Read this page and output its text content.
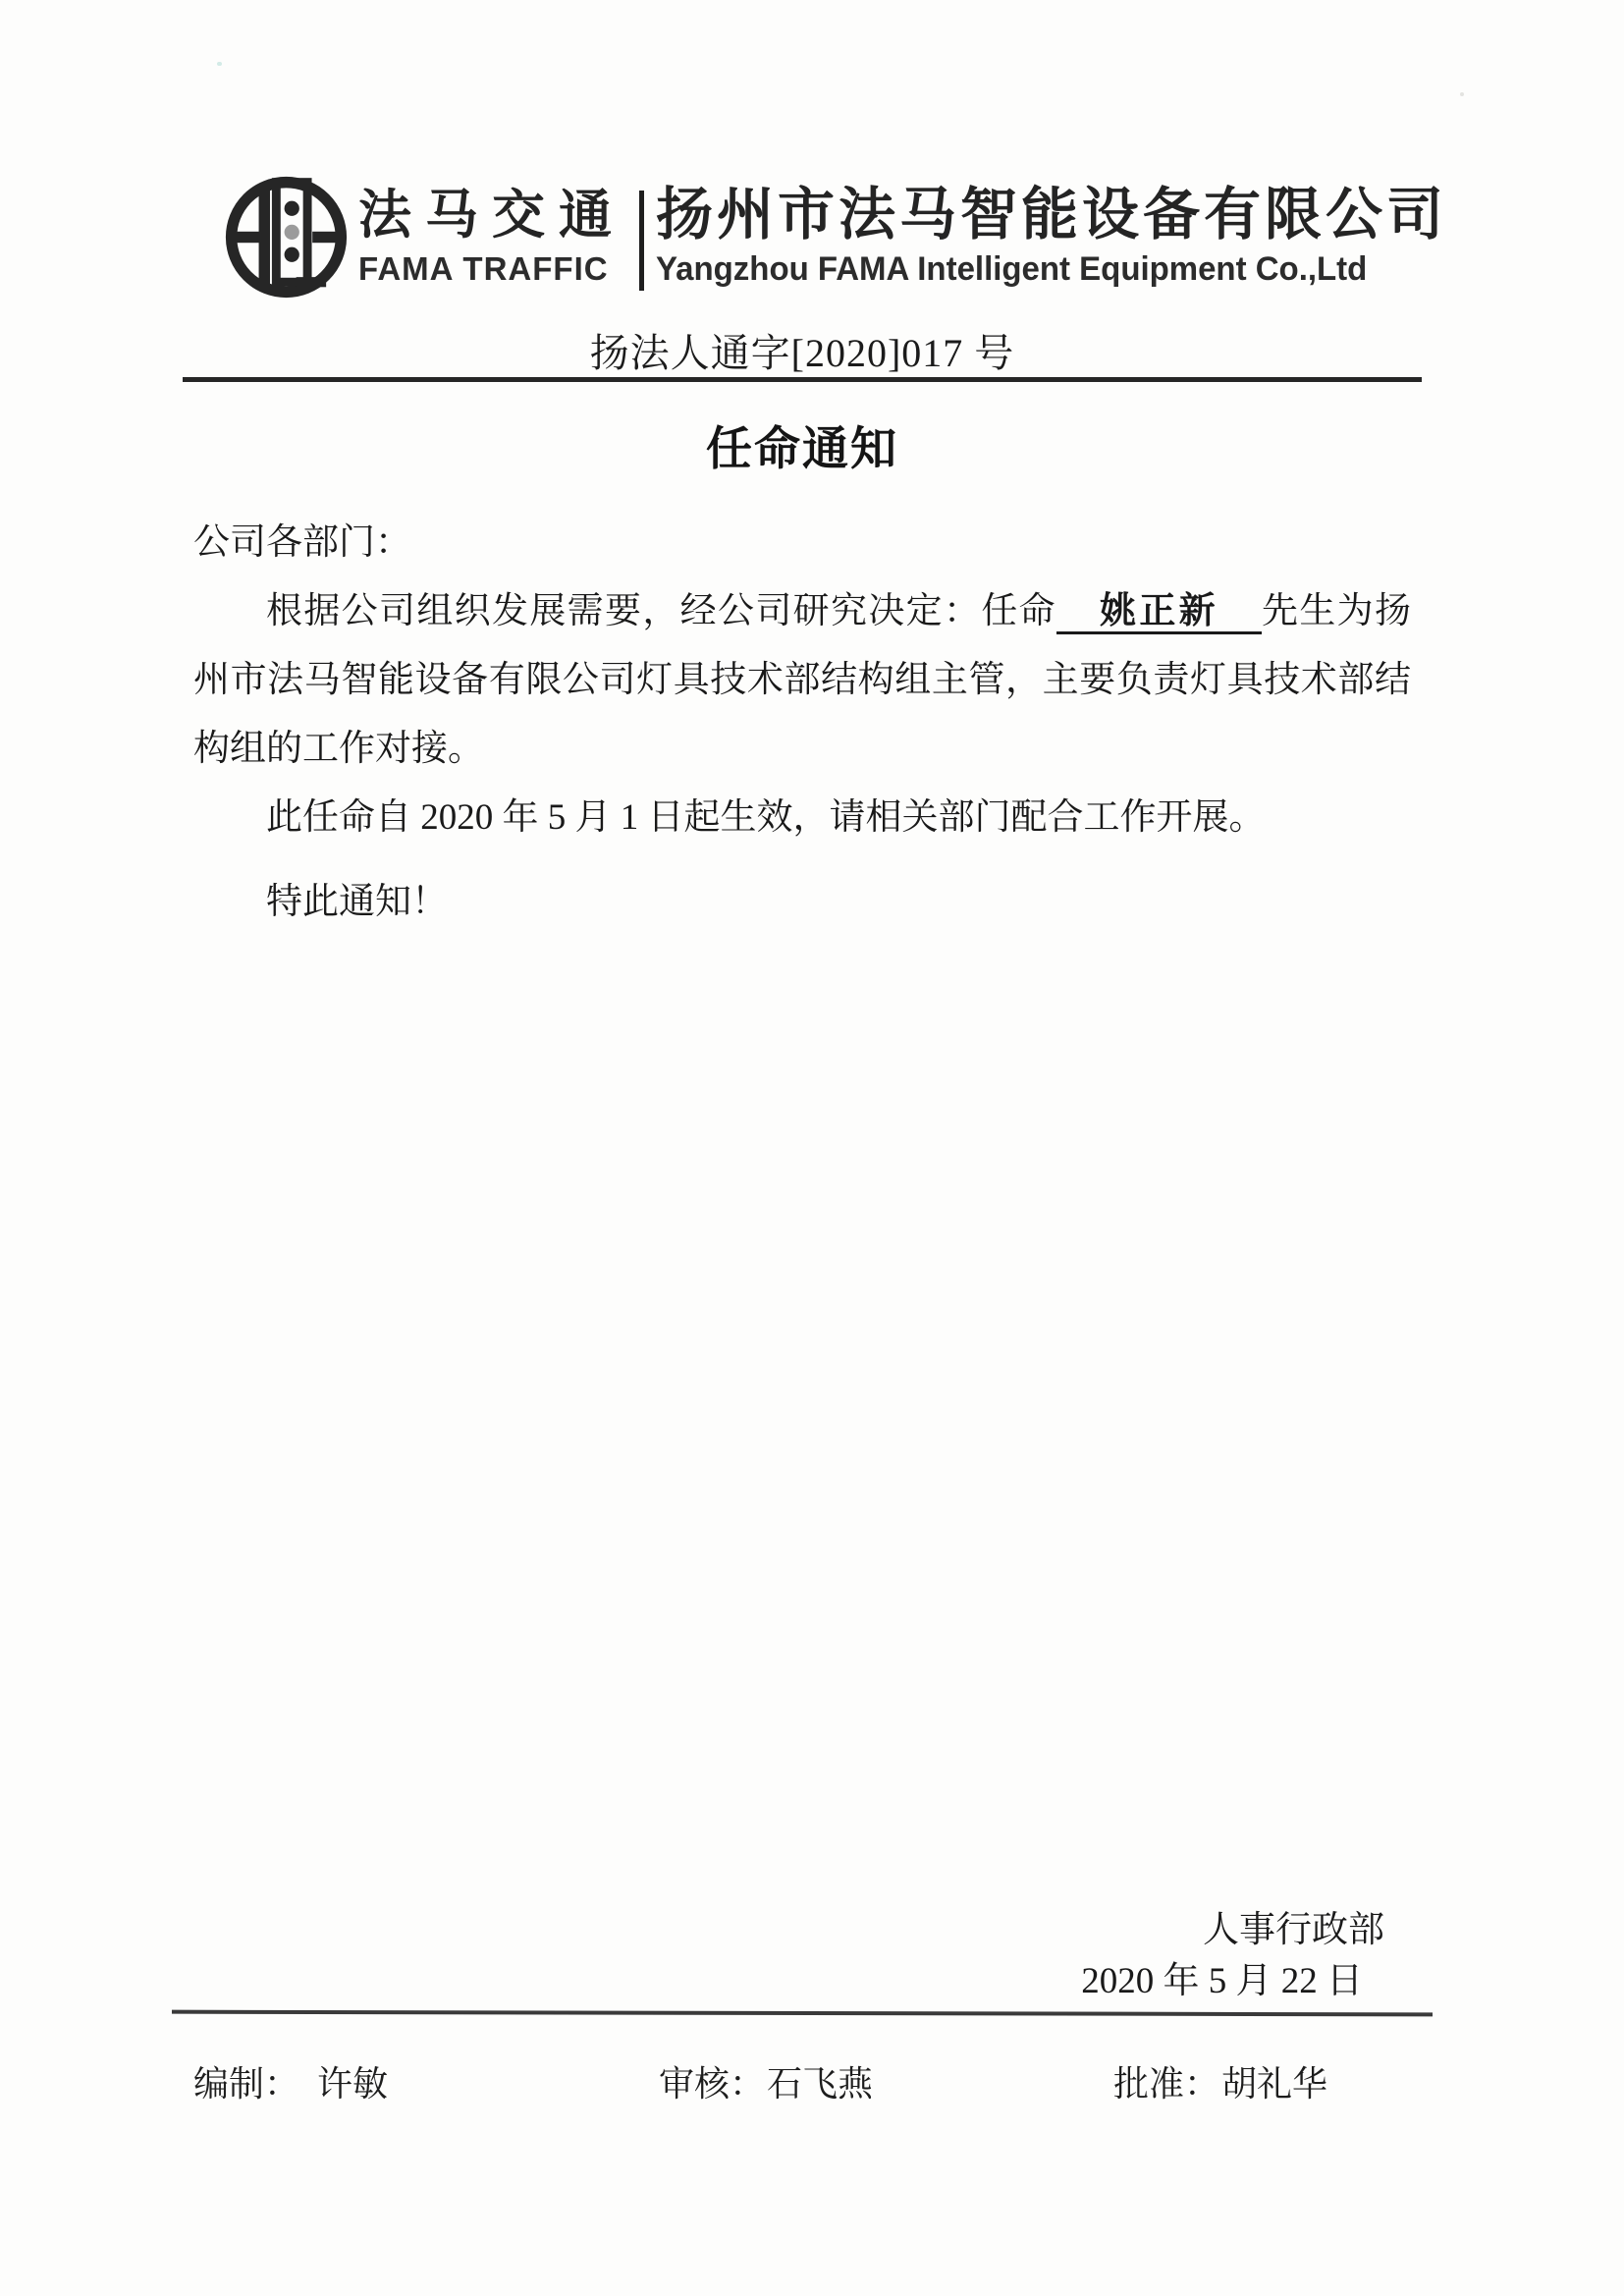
法马交通
FAMA TRAFFIC
扬州市法马智能设备有限公司
Yangzhou FAMA Intelligent Equipment Co.,Ltd
扬法人通字[2020]017 号
任命通知

公司各部门：

根据公司组织发展需要，经公司研究决定：任命 姚正新 先生为扬州市法马智能设备有限公司灯具技术部结构组主管，主要负责灯具技术部结构组的工作对接。

此任命自 2020 年 5 月 1 日起生效，请相关部门配合工作开展。

特此通知！

人事行政部
2020 年 5 月 22 日
编制： 许敏	审核：石飞燕	批准：胡礼华
